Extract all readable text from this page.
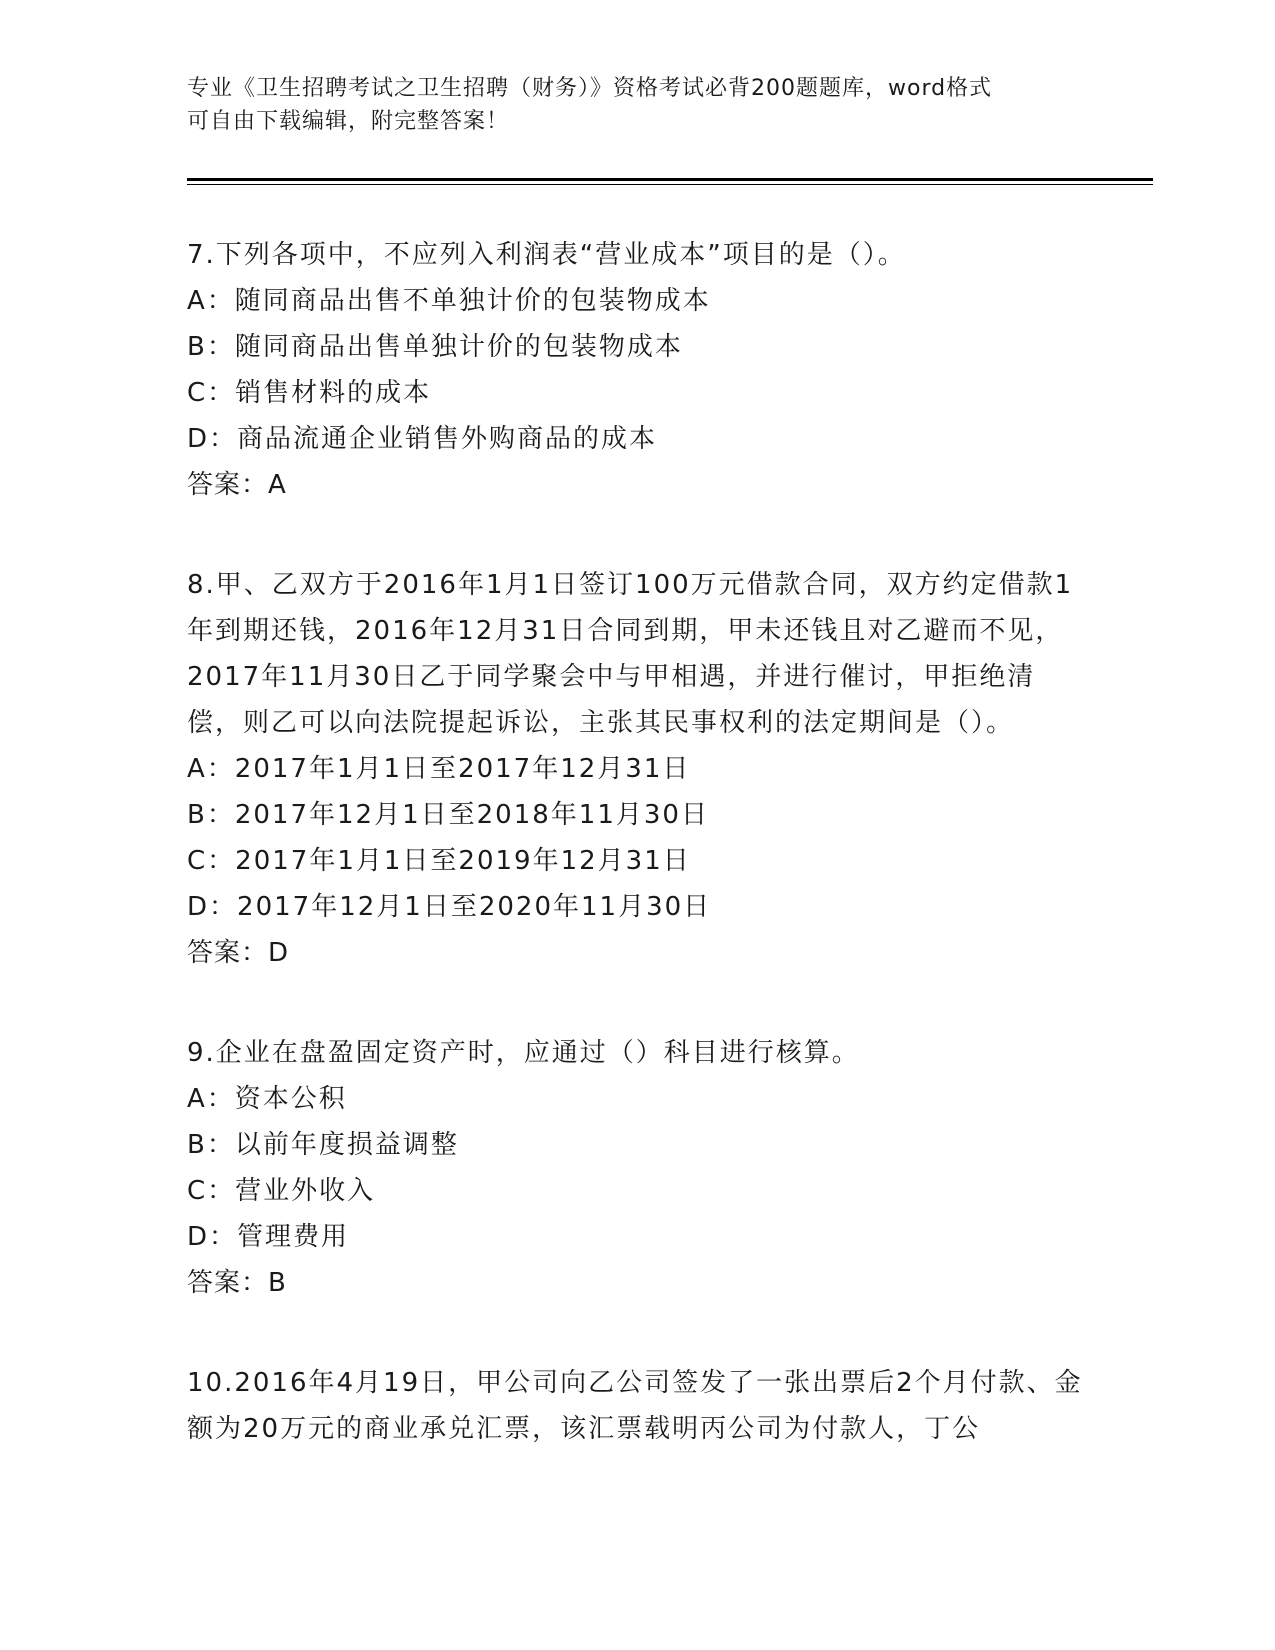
专业《卫生招聘考试之卫生招聘（财务）》资格考试必背200题题库，word格式
可自由下载编辑，附完整答案！

7.下列各项中，不应列入利润表“营业成本”项目的是（）。

A：随同商品出售不单独计价的包装物成本

B：随同商品出售单独计价的包装物成本

C：销售材料的成本

D：商品流通企业销售外购商品的成本

答案：A

8.甲、乙双方于2016年1月1日签订100万元借款合同，双方约定借款1年到期还钱，2016年12月31日合同到期，甲未还钱且对乙避而不见，2017年11月30日乙于同学聚会中与甲相遇，并进行催讨，甲拒绝清偿，则乙可以向法院提起诉讼，主张其民事权利的法定期间是（）。

A：2017年1月1日至2017年12月31日

B：2017年12月1日至2018年11月30日

C：2017年1月1日至2019年12月31日

D：2017年12月1日至2020年11月30日

答案：D

9.企业在盘盈固定资产时，应通过（）科目进行核算。

A：资本公积

B：以前年度损益调整

C：营业外收入

D：管理费用

答案：B

10.2016年4月19日，甲公司向乙公司签发了一张出票后2个月付款、金额为20万元的商业承兑汇票，该汇票载明丙公司为付款人，丁公
